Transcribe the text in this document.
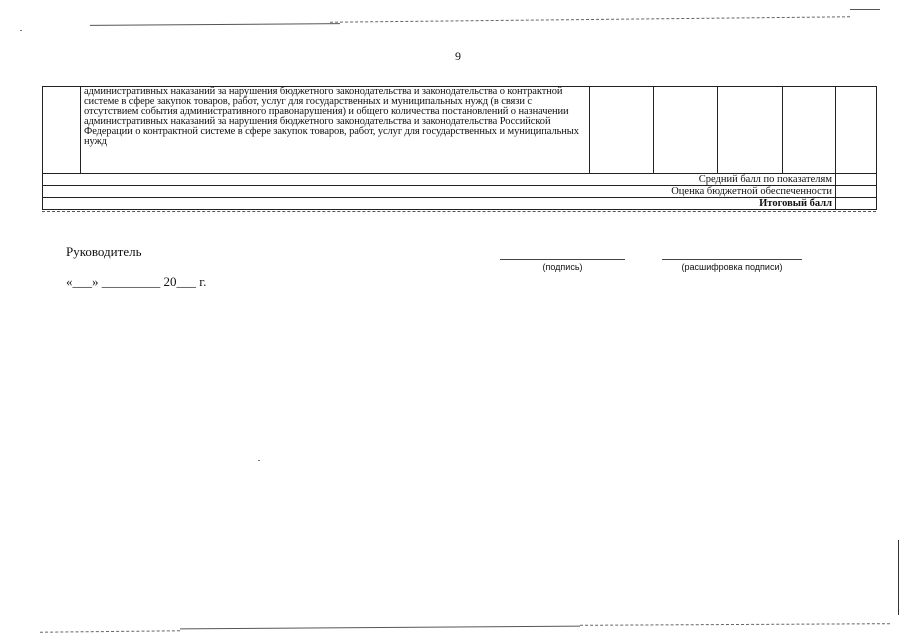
9

	административных наказаний за нарушения бюджетного законодательства и законодательства о контрактной системе в сфере закупок товаров, работ, услуг для государственных и муниципальных нужд (в связи с отсутствием события административного правонарушения) и общего количества постановлений о назначении административных наказаний за нарушения бюджетного законодательства и законодательства Российской Федерации о контрактной системе в сфере закупок товаров, работ, услуг для государственных и муниципальных нужд					

Средний балл по показателям						
Оценка бюджетной обеспеченности						
Итоговый балл						
Руководитель
«___» _________ 20___ г.
(подпись)	(расшифровка подписи)
